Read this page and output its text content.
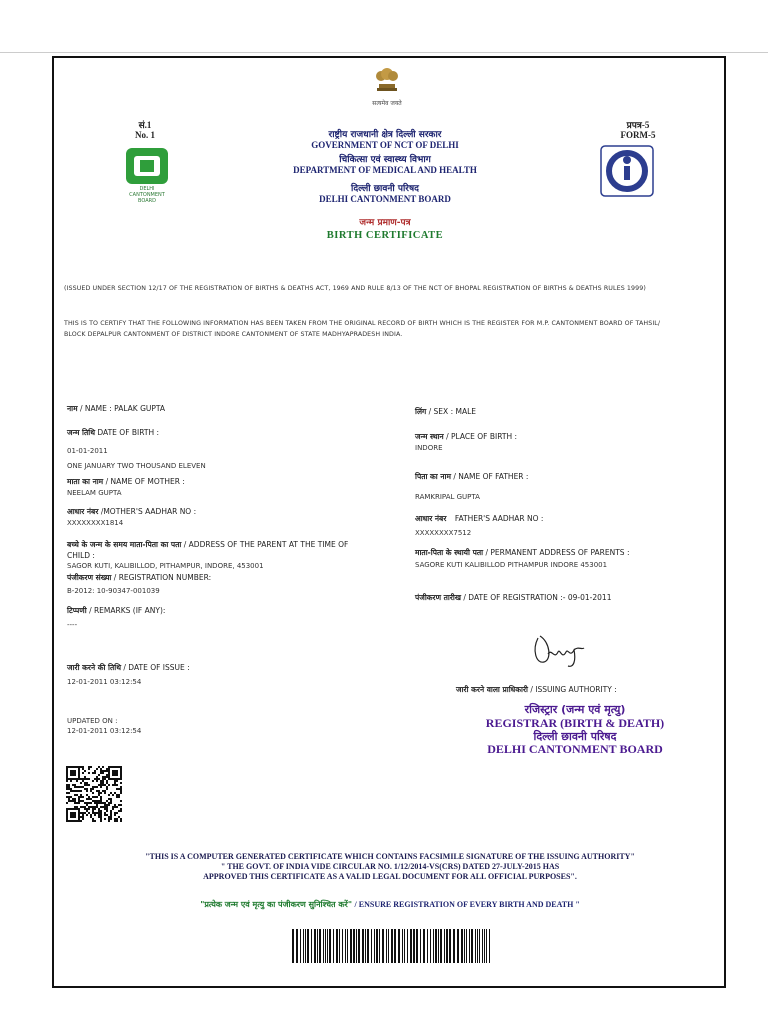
सत्यमेव जयते
सं.1
No. 1
DELHI
CANTONMENT
BOARD
प्रपत्र-5
FORM-5
राष्ट्रीय राजधानी क्षेत्र दिल्ली सरकार
GOVERNMENT OF NCT OF DELHI
चिकित्सा एवं स्वास्थ्य विभाग
DEPARTMENT OF MEDICAL AND HEALTH
दिल्ली छावनी परिषद
DELHI CANTONMENT BOARD
जन्म प्रमाण-पत्र
BIRTH CERTIFICATE
(ISSUED UNDER SECTION 12/17 OF THE REGISTRATION OF BIRTHS & DEATHS ACT, 1969 AND RULE 8/13 OF THE NCT OF BHOPAL REGISTRATION OF BIRTHS & DEATHS RULES 1999)
THIS IS TO CERTIFY THAT THE FOLLOWING INFORMATION HAS BEEN TAKEN FROM THE ORIGINAL RECORD OF BIRTH WHICH IS THE REGISTER FOR M.P. CANTONMENT BOARD OF TAHSIL/
BLOCK DEPALPUR CANTONMENT OF DISTRICT INDORE CANTONMENT OF STATE MADHYAPRADESH INDIA.
नाम / NAME : PALAK GUPTA
जन्म तिथि DATE OF BIRTH :
01-01-2011
ONE JANUARY TWO THOUSAND ELEVEN
माता का नाम / NAME OF MOTHER :
NEELAM GUPTA
आधार नंबर /MOTHER'S AADHAR NO :
XXXXXXXX1814
बच्चे के जन्म के समय माता-पिता का पता / ADDRESS OF THE PARENT AT THE TIME OF
CHILD :
SAGOR KUTI, KALIBILLOD, PITHAMPUR, INDORE, 453001
पंजीकरण संख्या / REGISTRATION NUMBER:
B-2012: 10-90347-001039
टिप्पणी / REMARKS (IF ANY):
----
जारी करने की तिथि / DATE OF ISSUE :
12-01-2011 03:12:54
UPDATED ON :
12-01-2011 03:12:54
लिंग / SEX : MALE
जन्म स्थान / PLACE OF BIRTH :
INDORE
पिता का नाम / NAME OF FATHER :
RAMKRIPAL GUPTA
आधार नंबर FATHER'S AADHAR NO :
XXXXXXXX7512
माता-पिता के स्थायी पता / PERMANENT ADDRESS OF PARENTS :
SAGORE KUTI KALIBILLOD PITHAMPUR INDORE 453001
पंजीकरण तारीख / DATE OF REGISTRATION :- 09-01-2011
जारी करने वाला प्राधिकारी / ISSUING AUTHORITY :
रजिस्ट्रार (जन्म एवं मृत्यु)
REGISTRAR (BIRTH & DEATH)
दिल्ली छावनी परिषद
DELHI CANTONMENT BOARD
"THIS IS A COMPUTER GENERATED CERTIFICATE WHICH CONTAINS FACSIMILE SIGNATURE OF THE ISSUING AUTHORITY"
" THE GOVT. OF INDIA VIDE CIRCULAR NO. 1/12/2014-VS(CRS) DATED 27-JULY-2015 HAS
APPROVED THIS CERTIFICATE AS A VALID LEGAL DOCUMENT FOR ALL OFFICIAL PURPOSES".
"प्रत्येक जन्म एवं मृत्यु का पंजीकरण सुनिश्चित करें" / ENSURE REGISTRATION OF EVERY BIRTH AND DEATH "
